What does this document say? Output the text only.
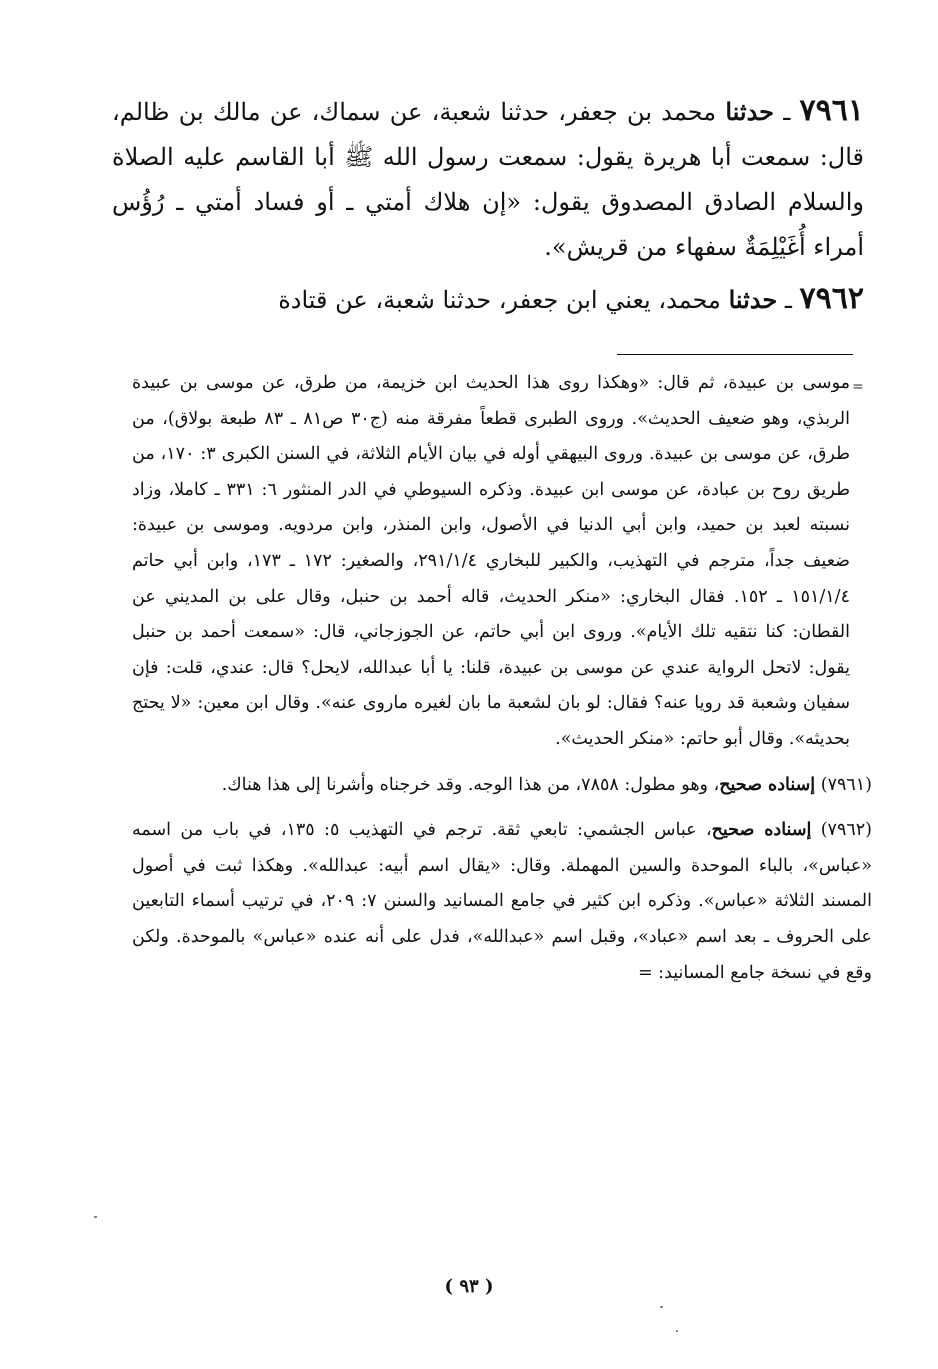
٧٩٦١ ـ حدثنا محمد بن جعفر، حدثنا شعبة، عن سماك، عن مالك بن ظالم، قال: سمعت أبا هريرة يقول: سمعت رسول الله ﷺ أبا القاسم عليه الصلاة والسلام الصادق المصدوق يقول: «إن هلاك أمتي ـ أو فساد أمتي ـ رُؤُس أمراء أُغَيْلِمَةٌ سفهاء من قريش».

٧٩٦٢ ـ حدثنا محمد، يعني ابن جعفر، حدثنا شعبة، عن قتادة

=

موسى بن عبيدة، ثم قال: «وهكذا روى هذا الحديث ابن خزيمة، من طرق، عن موسى بن عبيدة الربذي، وهو ضعيف الحديث». وروى الطبرى قطعاً مفرقة منه (ج٣٠ ص٨١ ـ ٨٣ طبعة بولاق)، من طرق، عن موسى بن عبيدة. وروى البيهقي أوله في بيان الأيام الثلاثة، في السنن الكبرى ٣: ١٧٠، من طريق روح بن عبادة، عن موسى ابن عبيدة. وذكره السيوطي في الدر المنثور ٦: ٣٣١ ـ كاملا، وزاد نسبته لعبد بن حميد، وابن أبي الدنيا في الأصول، وابن المنذر، وابن مردويه. وموسى بن عبيدة: ضعيف جداً، مترجم في التهذيب، والكبير للبخاري ٢٩١/١/٤، والصغير: ١٧٢ ـ ١٧٣، وابن أبي حاتم ١٥١/١/٤ ـ ١٥٢. فقال البخاري: «منكر الحديث، قاله أحمد بن حنبل، وقال على بن المديني عن القطان: كنا نتقيه تلك الأيام». وروى ابن أبي حاتم، عن الجوزجاني، قال: «سمعت أحمد بن حنبل يقول: لاتحل الرواية عندي عن موسى بن عبيدة، قلنا: يا أبا عبدالله، لايحل؟ قال: عندي، قلت: فإن سفيان وشعبة قد رويا عنه؟ فقال: لو بان لشعبة ما بان لغيره ماروى عنه». وقال ابن معين: «لا يحتج بحديثه». وقال أبو حاتم: «منكر الحديث».

(٧٩٦١) إسناده صحيح، وهو مطول: ٧٨٥٨، من هذا الوجه. وقد خرجناه وأشرنا إلى هذا هناك.

(٧٩٦٢) إسناده صحيح، عباس الجشمي: تابعي ثقة. ترجم في التهذيب ٥: ١٣٥، في باب من اسمه «عباس»، بالباء الموحدة والسين المهملة. وقال: «يقال اسم أبيه: عبدالله». وهكذا ثبت في أصول المسند الثلاثة «عباس». وذكره ابن كثير في جامع المسانيد والسنن ٧: ٢٠٩، في ترتيب أسماء التابعين على الحروف ـ بعد اسم «عباد»، وقبل اسم «عبدالله»، فدل على أنه عنده «عباس» بالموحدة. ولكن وقع في نسخة جامع المسانيد: =

( ٩٣ )
